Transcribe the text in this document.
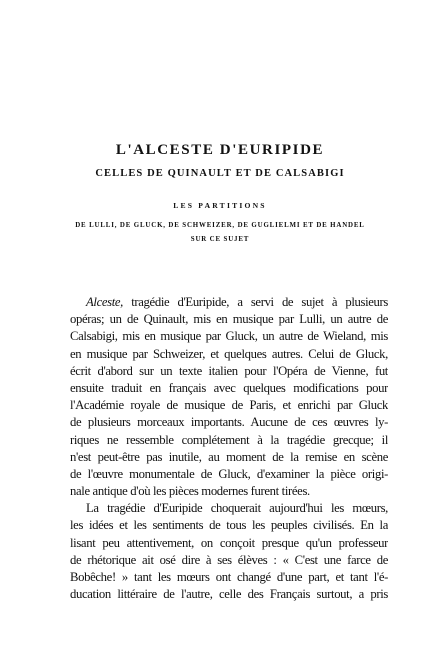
L'ALCESTE D'EURIPIDE
CELLES DE QUINAULT ET DE CALSABIGI
LES PARTITIONS
DE LULLI, DE GLUCK, DE SCHWEIZER, DE GUGLIELMI ET DE HANDEL
SUR CE SUJET
Alceste, tragédie d'Euripide, a servi de sujet à plusieurs
opéras; un de Quinault, mis en musique par Lulli, un autre de
Calsabigi, mis en musique par Gluck, un autre de Wieland, mis
en musique par Schweizer, et quelques autres. Celui de Gluck,
écrit d'abord sur un texte italien pour l'Opéra de Vienne, fut
ensuite traduit en français avec quelques modifications pour
l'Académie royale de musique de Paris, et enrichi par Gluck
de plusieurs morceaux importants. Aucune de ces œuvres ly-
riques ne ressemble complétement à la tragédie grecque; il
n'est peut-être pas inutile, au moment de la remise en scène
de l'œuvre monumentale de Gluck, d'examiner la pièce origi-
nale antique d'où les pièces modernes furent tirées.
La tragédie d'Euripide choquerait aujourd'hui les mœurs,
les idées et les sentiments de tous les peuples civilisés. En la
lisant peu attentivement, on conçoit presque qu'un professeur
de rhétorique ait osé dire à ses élèves : « C'est une farce de
Bobêche! » tant les mœurs ont changé d'une part, et tant l'é-
ducation littéraire de l'autre, celle des Français surtout, a pris
